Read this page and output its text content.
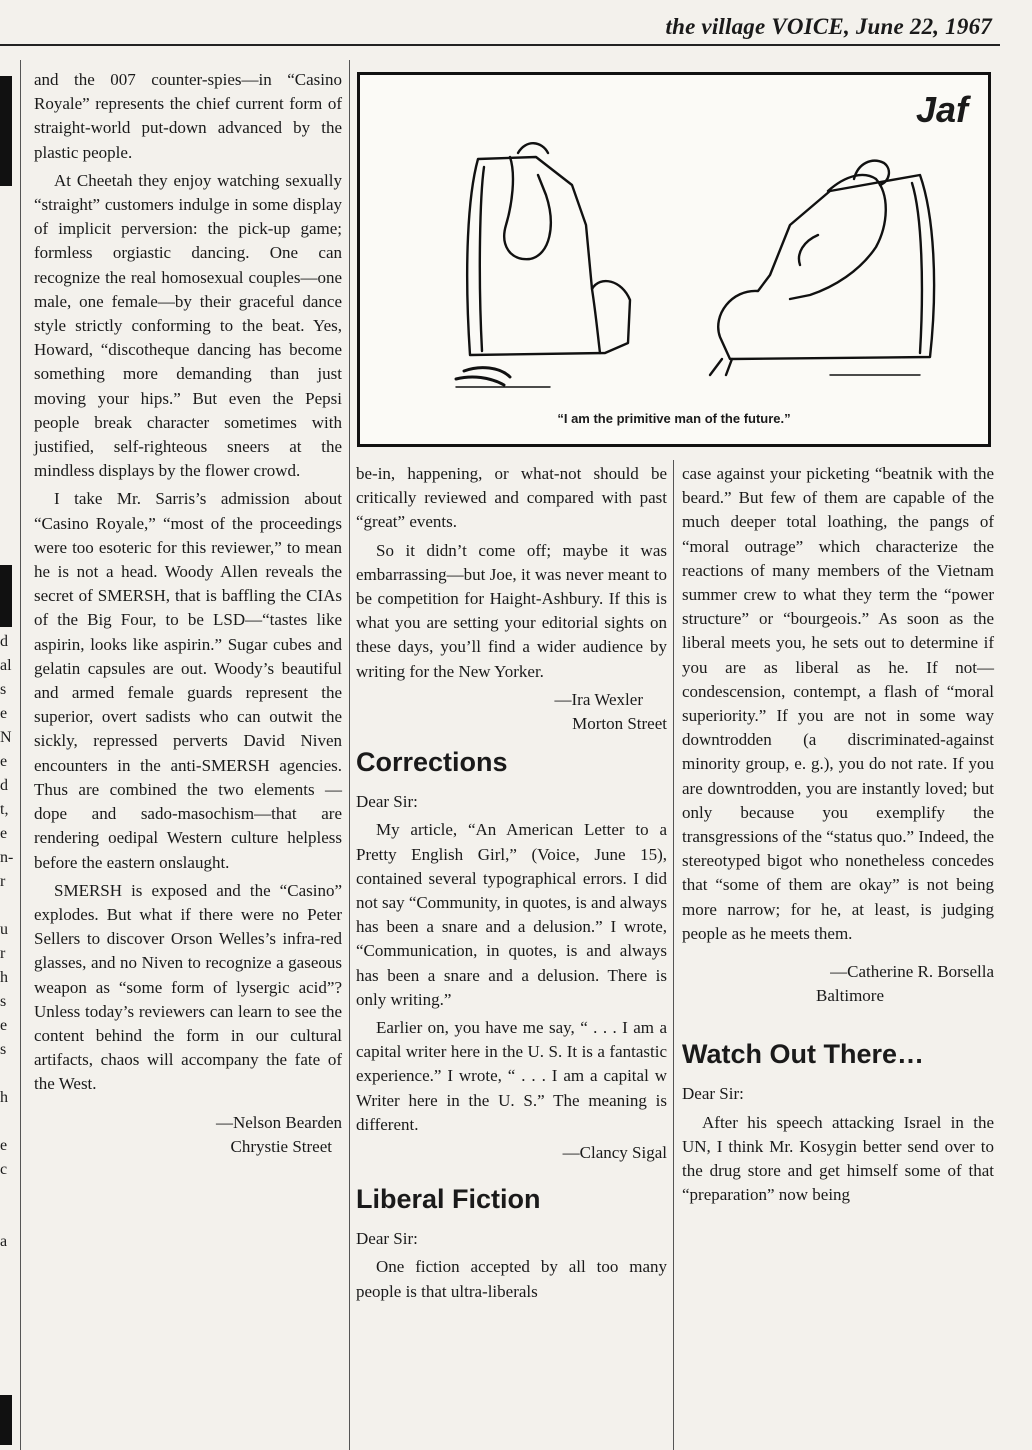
the village VOICE, June 22, 1967
d
al
s
e
N
e
d
t,
e
n-
r

u
r
h
s
e
s

h

e
c

a

and the 007 counter-spies—in “Casino Royale” represents the chief current form of straight-world put-down advanced by the plastic people.

At Cheetah they enjoy watching sexually “straight” customers indulge in some display of implicit perversion: the pick-up game; formless orgiastic dancing. One can recognize the real homosexual couples—one male, one female—by their graceful dance style strictly conforming to the beat. Yes, Howard, “discotheque dancing has become something more demanding than just moving your hips.” But even the Pepsi people break character sometimes with justified, self-righteous sneers at the mindless displays by the flower crowd.

I take Mr. Sarris’s admission about “Casino Royale,” “most of the proceedings were too esoteric for this reviewer,” to mean he is not a head. Woody Allen reveals the secret of SMERSH, that is baffling the CIAs of the Big Four, to be LSD—“tastes like aspirin, looks like aspirin.” Sugar cubes and gelatin capsules are out. Woody’s beautiful and armed female guards represent the superior, overt sadists who can outwit the sickly, repressed perverts David Niven encounters in the anti-SMERSH agencies. Thus are combined the two elements — dope and sado-masochism—that are rendering oedipal Western culture helpless before the eastern onslaught.

SMERSH is exposed and the “Casino” explodes. But what if there were no Peter Sellers to discover Orson Welles’s infra-red glasses, and no Niven to recognize a gaseous weapon as “some form of lysergic acid”? Unless today’s reviewers can learn to see the content behind the form in our cultural artifacts, chaos will accompany the fate of the West.

—Nelson Bearden

Chrystie Street

Jaf
“I am the primitive man of the future.”

be-in, happening, or what-not should be critically reviewed and compared with past “great” events.

So it didn’t come off; maybe it was embarrassing—but Joe, it was never meant to be competition for Haight-Ashbury. If this is what you are setting your editorial sights on these days, you’ll find a wider audience by writing for the New Yorker.

—Ira Wexler

Morton Street

Corrections

Dear Sir:

My article, “An American Letter to a Pretty English Girl,” (Voice, June 15), contained several typographical errors. I did not say “Community, in quotes, is and always has been a snare and a delusion.” I wrote, “Communication, in quotes, is and always has been a snare and a delusion. There is only writing.”

Earlier on, you have me say, “ . . . I am a capital writer here in the U. S. It is a fantastic experience.” I wrote, “ . . . I am a capital w Writer here in the U. S.” The meaning is different.

—Clancy Sigal

Liberal Fiction

Dear Sir:

One fiction accepted by all too many people is that ultra-liberals

case against your picketing “beatnik with the beard.” But few of them are capable of the much deeper total loathing, the pangs of “moral outrage” which characterize the reactions of many members of the Vietnam summer crew to what they term the “power structure” or “bourgeois.” As soon as the liberal meets you, he sets out to determine if you are as liberal as he. If not—condescension, contempt, a flash of “moral superiority.” If you are not in some way downtrodden (a discriminated-against minority group, e. g.), you do not rate. If you are downtrodden, you are instantly loved; but only because you exemplify the transgressions of the “status quo.” Indeed, the stereotyped bigot who nonetheless concedes that “some of them are okay” is not being more narrow; for he, at least, is judging people as he meets them.

—Catherine R. Borsella

Baltimore

Watch Out There…

Dear Sir:

After his speech attacking Israel in the UN, I think Mr. Kosygin better send over to the drug store and get himself some of that “preparation” now being
